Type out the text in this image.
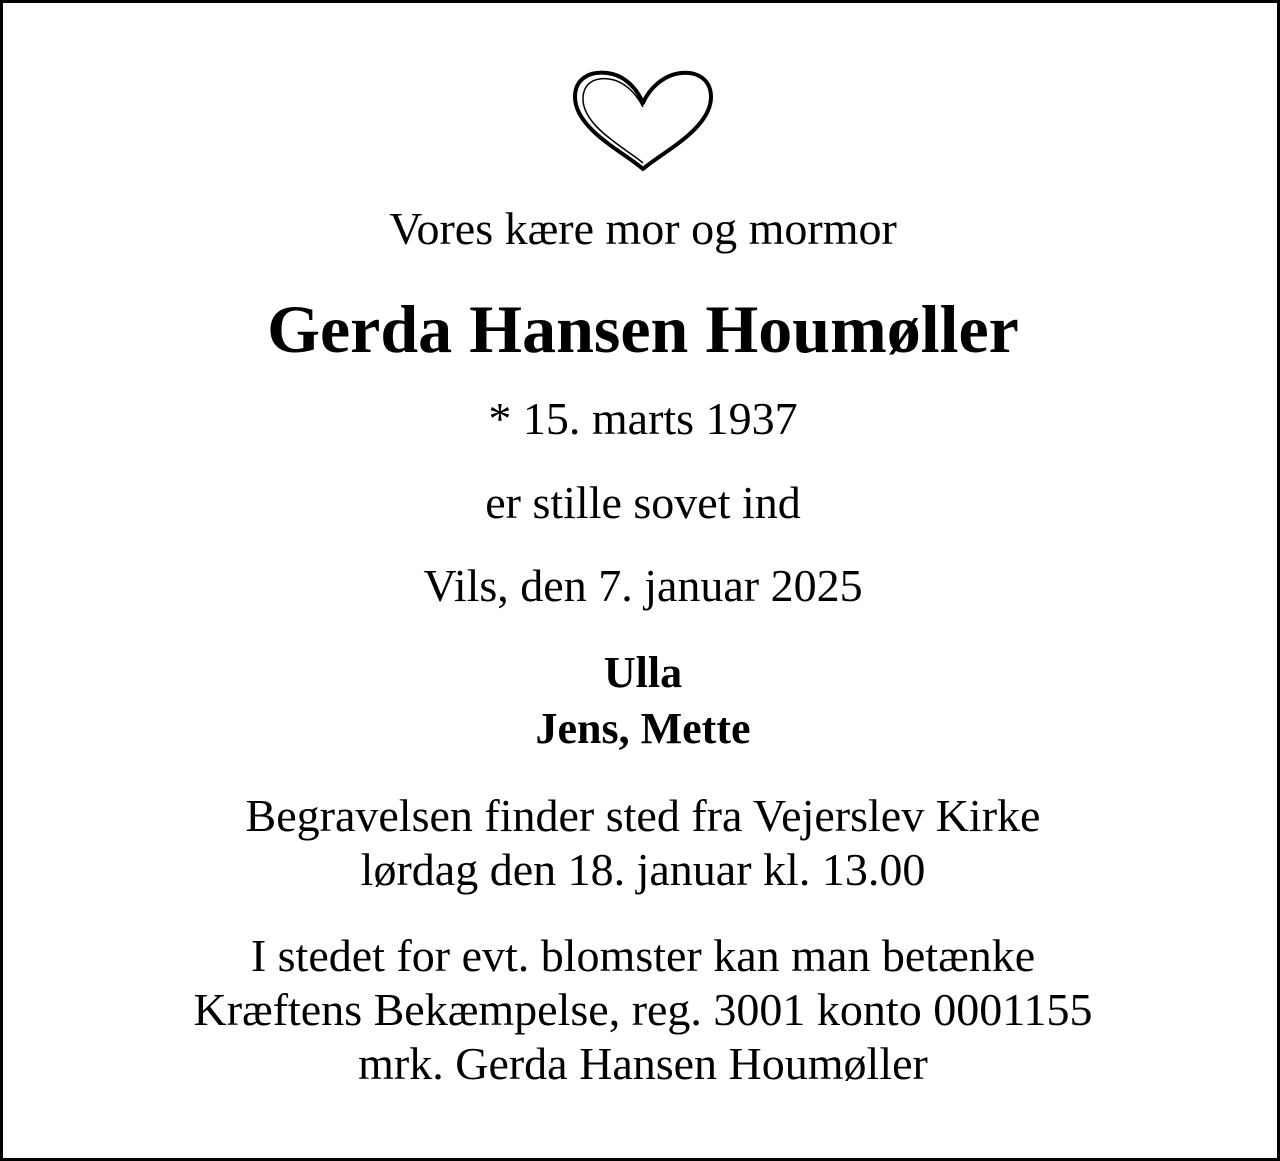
Vores kære mor og mormor
Gerda Hansen Houmøller
* 15. marts 1937
er stille sovet ind
Vils, den 7. januar 2025
Ulla
Jens, Mette
Begravelsen finder sted fra Vejerslev Kirke
lørdag den 18. januar kl. 13.00
I stedet for evt. blomster kan man betænke
Kræftens Bekæmpelse, reg. 3001 konto 0001155
mrk. Gerda Hansen Houmøller
